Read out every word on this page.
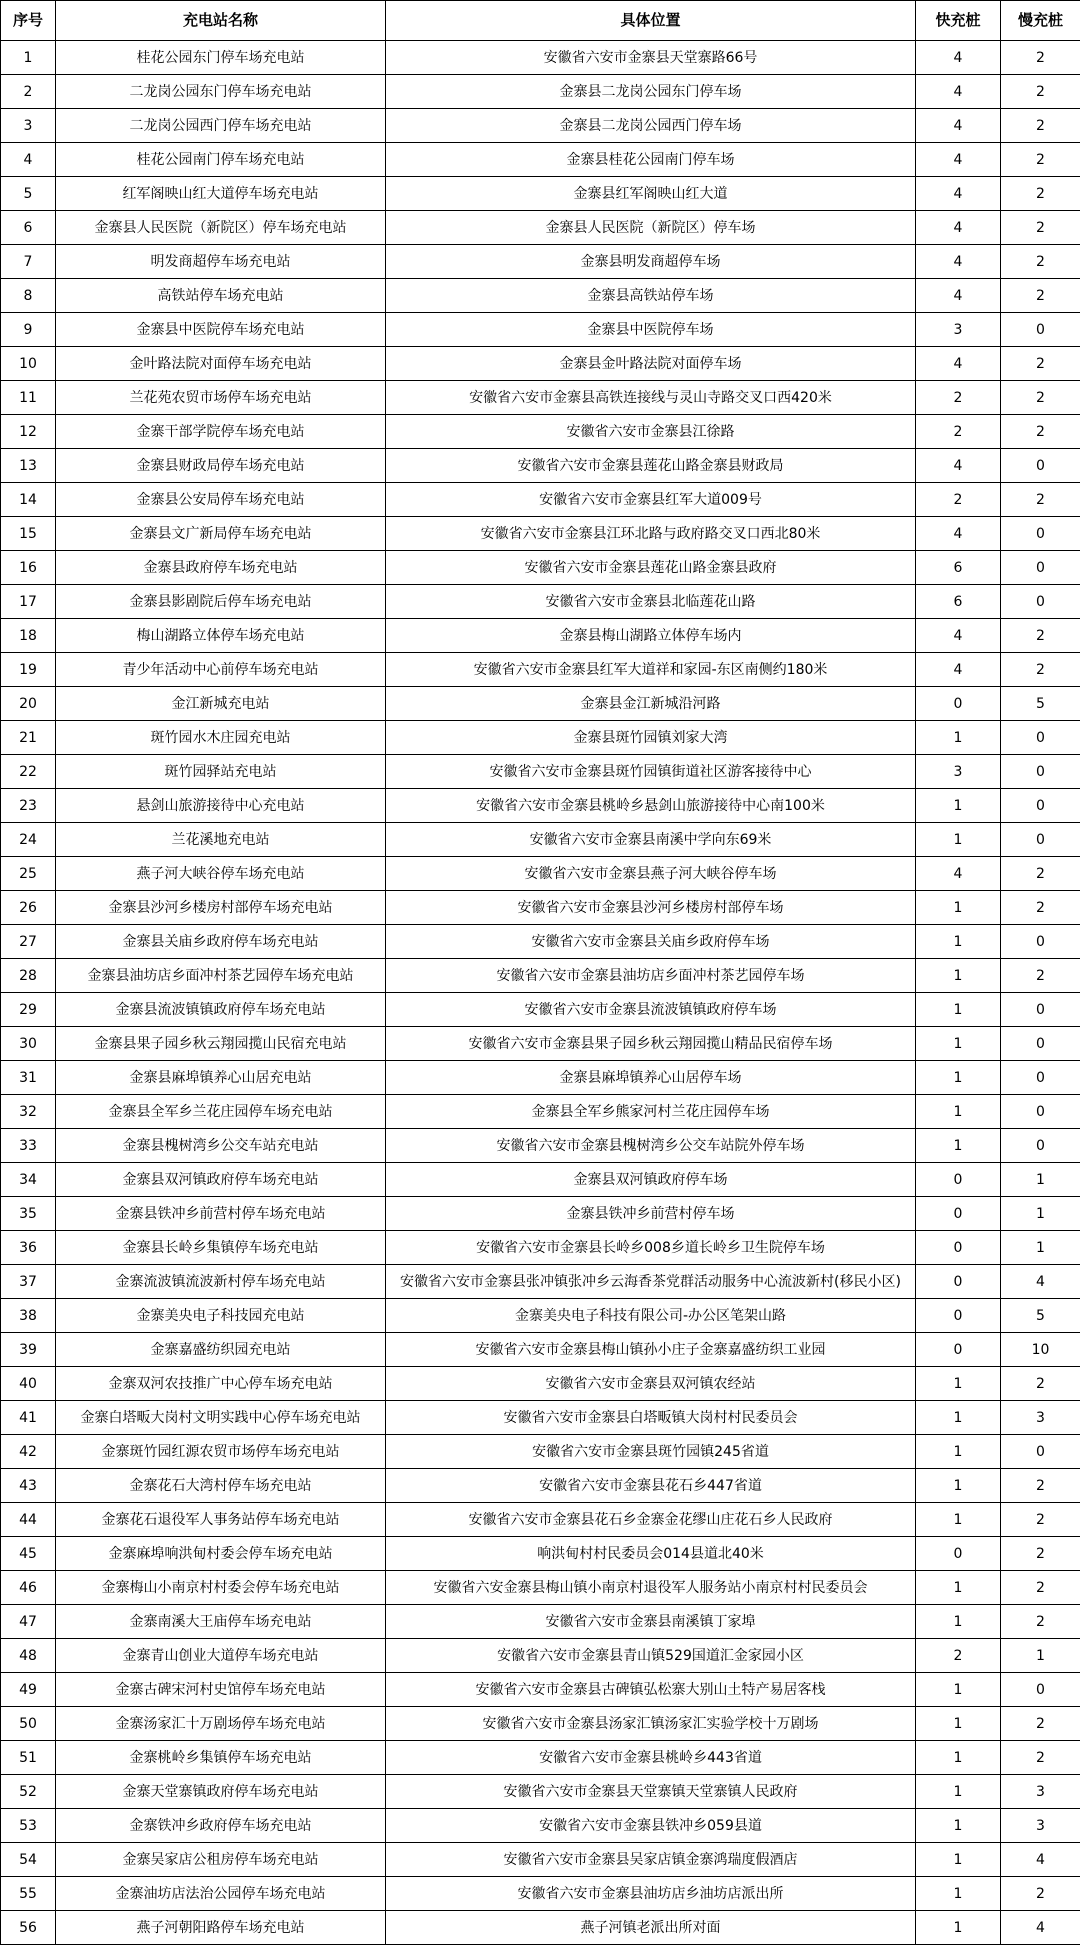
序号	充电站名称	具体位置	快充桩	慢充桩
1	桂花公园东门停车场充电站	安徽省六安市金寨县天堂寨路66号	4	2
2	二龙岗公园东门停车场充电站	金寨县二龙岗公园东门停车场	4	2
3	二龙岗公园西门停车场充电站	金寨县二龙岗公园西门停车场	4	2
4	桂花公园南门停车场充电站	金寨县桂花公园南门停车场	4	2
5	红军阁映山红大道停车场充电站	金寨县红军阁映山红大道	4	2
6	金寨县人民医院（新院区）停车场充电站	金寨县人民医院（新院区）停车场	4	2
7	明发商超停车场充电站	金寨县明发商超停车场	4	2
8	高铁站停车场充电站	金寨县高铁站停车场	4	2
9	金寨县中医院停车场充电站	金寨县中医院停车场	3	0
10	金叶路法院对面停车场充电站	金寨县金叶路法院对面停车场	4	2
11	兰花苑农贸市场停车场充电站	安徽省六安市金寨县高铁连接线与灵山寺路交叉口西420米	2	2
12	金寨干部学院停车场充电站	安徽省六安市金寨县江徐路	2	2
13	金寨县财政局停车场充电站	安徽省六安市金寨县莲花山路金寨县财政局	4	0
14	金寨县公安局停车场充电站	安徽省六安市金寨县红军大道009号	2	2
15	金寨县文广新局停车场充电站	安徽省六安市金寨县江环北路与政府路交叉口西北80米	4	0
16	金寨县政府停车场充电站	安徽省六安市金寨县莲花山路金寨县政府	6	0
17	金寨县影剧院后停车场充电站	安徽省六安市金寨县北临莲花山路	6	0
18	梅山湖路立体停车场充电站	金寨县梅山湖路立体停车场内	4	2
19	青少年活动中心前停车场充电站	安徽省六安市金寨县红军大道祥和家园-东区南侧约180米	4	2
20	金江新城充电站	金寨县金江新城沿河路	0	5
21	斑竹园水木庄园充电站	金寨县斑竹园镇刘家大湾	1	0
22	斑竹园驿站充电站	安徽省六安市金寨县斑竹园镇街道社区游客接待中心	3	0
23	悬剑山旅游接待中心充电站	安徽省六安市金寨县桃岭乡悬剑山旅游接待中心南100米	1	0
24	兰花溪地充电站	安徽省六安市金寨县南溪中学向东69米	1	0
25	燕子河大峡谷停车场充电站	安徽省六安市金寨县燕子河大峡谷停车场	4	2
26	金寨县沙河乡楼房村部停车场充电站	安徽省六安市金寨县沙河乡楼房村部停车场	1	2
27	金寨县关庙乡政府停车场充电站	安徽省六安市金寨县关庙乡政府停车场	1	0
28	金寨县油坊店乡面冲村茶艺园停车场充电站	安徽省六安市金寨县油坊店乡面冲村茶艺园停车场	1	2
29	金寨县流波镇镇政府停车场充电站	安徽省六安市金寨县流波镇镇政府停车场	1	0
30	金寨县果子园乡秋云翔园揽山民宿充电站	安徽省六安市金寨县果子园乡秋云翔园揽山精品民宿停车场	1	0
31	金寨县麻埠镇养心山居充电站	金寨县麻埠镇养心山居停车场	1	0
32	金寨县全军乡兰花庄园停车场充电站	金寨县全军乡熊家河村兰花庄园停车场	1	0
33	金寨县槐树湾乡公交车站充电站	安徽省六安市金寨县槐树湾乡公交车站院外停车场	1	0
34	金寨县双河镇政府停车场充电站	金寨县双河镇政府停车场	0	1
35	金寨县铁冲乡前营村停车场充电站	金寨县铁冲乡前营村停车场	0	1
36	金寨县长岭乡集镇停车场充电站	安徽省六安市金寨县长岭乡008乡道长岭乡卫生院停车场	0	1
37	金寨流波镇流波新村停车场充电站	安徽省六安市金寨县张冲镇张冲乡云海香茶党群活动服务中心流波新村(移民小区)	0	4
38	金寨美央电子科技园充电站	金寨美央电子科技有限公司-办公区笔架山路	0	5
39	金寨嘉盛纺织园充电站	安徽省六安市金寨县梅山镇孙小庄子金寨嘉盛纺织工业园	0	10
40	金寨双河农技推广中心停车场充电站	安徽省六安市金寨县双河镇农经站	1	2
41	金寨白塔畈大岗村文明实践中心停车场充电站	安徽省六安市金寨县白塔畈镇大岗村村民委员会	1	3
42	金寨斑竹园红源农贸市场停车场充电站	安徽省六安市金寨县斑竹园镇245省道	1	0
43	金寨花石大湾村停车场充电站	安徽省六安市金寨县花石乡447省道	1	2
44	金寨花石退役军人事务站停车场充电站	安徽省六安市金寨县花石乡金寨金花缪山庄花石乡人民政府	1	2
45	金寨麻埠响洪甸村委会停车场充电站	响洪甸村村民委员会014县道北40米	0	2
46	金寨梅山小南京村村委会停车场充电站	安徽省六安金寨县梅山镇小南京村退役军人服务站小南京村村民委员会	1	2
47	金寨南溪大王庙停车场充电站	安徽省六安市金寨县南溪镇丁家埠	1	2
48	金寨青山创业大道停车场充电站	安徽省六安市金寨县青山镇529国道汇金家园小区	2	1
49	金寨古碑宋河村史馆停车场充电站	安徽省六安市金寨县古碑镇弘松寨大别山土特产易居客栈	1	0
50	金寨汤家汇十万剧场停车场充电站	安徽省六安市金寨县汤家汇镇汤家汇实验学校十万剧场	1	2
51	金寨桃岭乡集镇停车场充电站	安徽省六安市金寨县桃岭乡443省道	1	2
52	金寨天堂寨镇政府停车场充电站	安徽省六安市金寨县天堂寨镇天堂寨镇人民政府	1	3
53	金寨铁冲乡政府停车场充电站	安徽省六安市金寨县铁冲乡059县道	1	3
54	金寨吴家店公租房停车场充电站	安徽省六安市金寨县吴家店镇金寨鸿瑞度假酒店	1	4
55	金寨油坊店法治公园停车场充电站	安徽省六安市金寨县油坊店乡油坊店派出所	1	2
56	燕子河朝阳路停车场充电站	燕子河镇老派出所对面	1	4
